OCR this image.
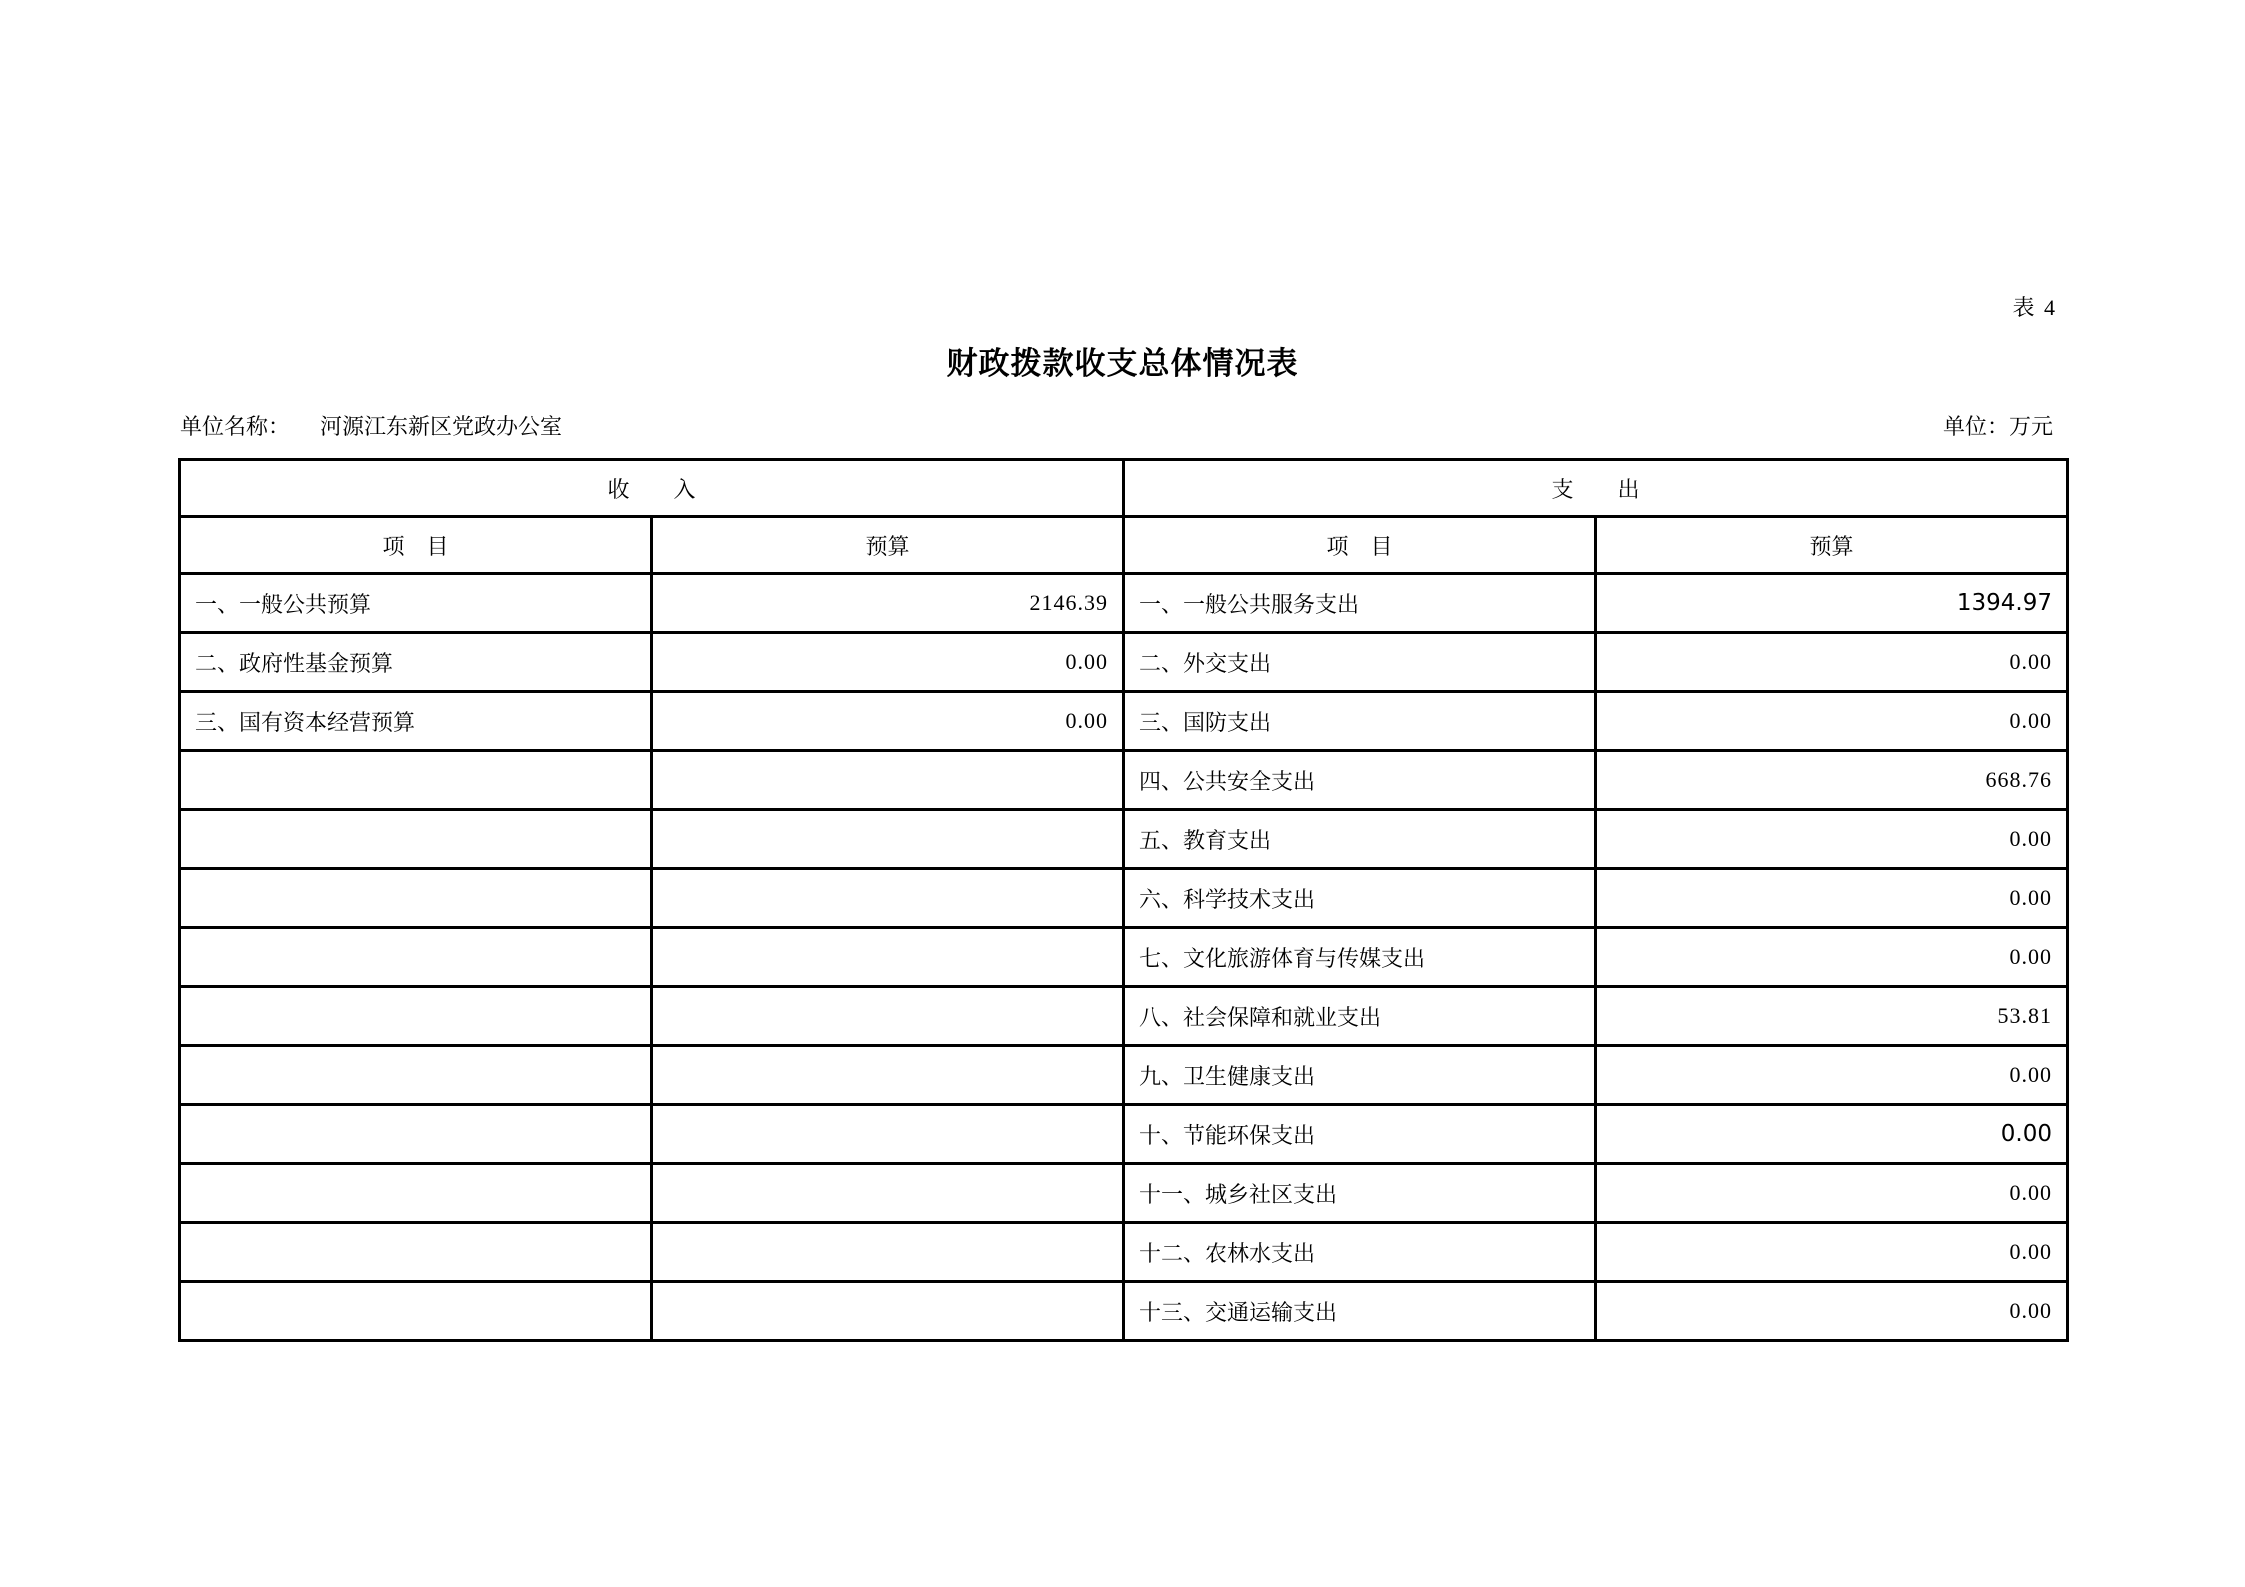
表 4
财政拨款收支总体情况表
单位名称： 河源江东新区党政办公室	单位：万元
收　　入		支　　出	
项　目	预算	项　目	预算
一、一般公共预算	2146.39	一、一般公共服务支出	1394.97
二、政府性基金预算	0.00	二、外交支出	0.00
三、国有资本经营预算	0.00	三、国防支出	0.00
		四、公共安全支出	668.76
		五、教育支出	0.00
		六、科学技术支出	0.00
		七、文化旅游体育与传媒支出	0.00
		八、社会保障和就业支出	53.81
		九、卫生健康支出	0.00
		十、节能环保支出	0.00
		十一、城乡社区支出	0.00
		十二、农林水支出	0.00
		十三、交通运输支出	0.00
